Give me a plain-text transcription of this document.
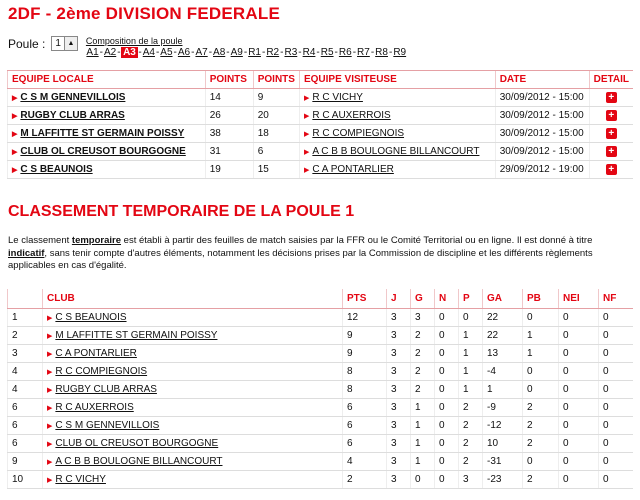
2DF - 2ème DIVISION FEDERALE
Poule :	1 ▲︎ Composition de la poule
A1 - A2 - A3 - A4 - A5 - A6 - A7 - A8 - A9 - R1 - R2 - R3 - R4 - R5 - R6 - R7 - R8 - R9
EQUIPE LOCALE	POINTS	POINTS	EQUIPE VISITEUSE	DATE	DETAIL
▶︎ C S M GENNEVILLOIS	14	9	▶︎ R C VICHY	30/09/2012 - 15:00	+
▶︎ RUGBY CLUB ARRAS	26	20	▶︎ R C AUXERROIS	30/09/2012 - 15:00	+
▶︎ M LAFFITTE ST GERMAIN POISSY	38	18	▶︎ R C COMPIEGNOIS	30/09/2012 - 15:00	+
▶︎ CLUB OL CREUSOT BOURGOGNE	31	6	▶︎ A C B B BOULOGNE BILLANCOURT	30/09/2012 - 15:00	+
▶︎ C S BEAUNOIS	19	15	▶︎ C A PONTARLIER	29/09/2012 - 19:00	+
CLASSEMENT TEMPORAIRE DE LA POULE 1
Le classement temporaire est établi à partir des feuilles de match saisies par la FFR ou le Comité Territorial ou en ligne. Il est donné à titre indicatif, sans tenir compte d'autres éléments, notamment les décisions prises par la Commission de discipline et les différents règlements applicables en cas d'égalité.
	CLUB	PTS	J	G	N	P	GA	PB	NEI	NF
1	▶︎ C S BEAUNOIS	12	3	3	0	0	22	0	0	0
2	▶︎ M LAFFITTE ST GERMAIN POISSY	9	3	2	0	1	22	1	0	0
3	▶︎ C A PONTARLIER	9	3	2	0	1	13	1	0	0
4	▶︎ R C COMPIEGNOIS	8	3	2	0	1	-4	0	0	0
4	▶︎ RUGBY CLUB ARRAS	8	3	2	0	1	1	0	0	0
6	▶︎ R C AUXERROIS	6	3	1	0	2	-9	2	0	0
6	▶︎ C S M GENNEVILLOIS	6	3	1	0	2	-12	2	0	0
6	▶︎ CLUB OL CREUSOT BOURGOGNE	6	3	1	0	2	10	2	0	0
9	▶︎ A C B B BOULOGNE BILLANCOURT	4	3	1	0	2	-31	0	0	0
10	▶︎ R C VICHY	2	3	0	0	3	-23	2	0	0
